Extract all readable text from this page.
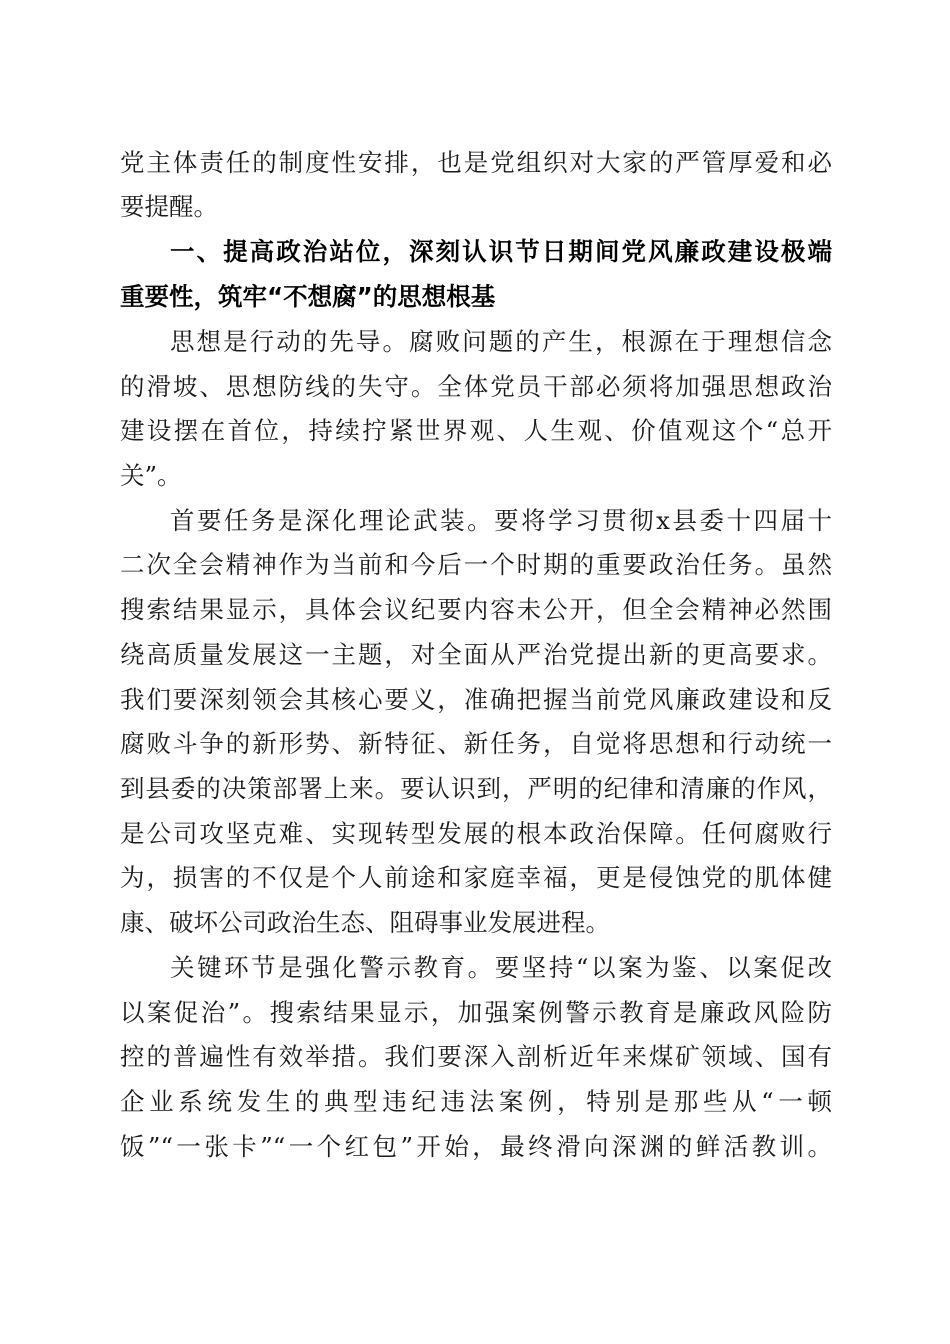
党主体责任的制度性安排，也是党组织对大家的严管厚爱和必
要提醒。
一、提高政治站位，深刻认识节日期间党风廉政建设极端
重要性，筑牢“不想腐”的思想根基
思想是行动的先导。腐败问题的产生，根源在于理想信念
的滑坡、思想防线的失守。全体党员干部必须将加强思想政治
建设摆在首位，持续拧紧世界观、人生观、价值观这个“总开
关”。
首要任务是深化理论武装。要将学习贯彻x县委十四届十
二次全会精神作为当前和今后一个时期的重要政治任务。虽然
搜索结果显示，具体会议纪要内容未公开，但全会精神必然围
绕高质量发展这一主题，对全面从严治党提出新的更高要求。
我们要深刻领会其核心要义，准确把握当前党风廉政建设和反
腐败斗争的新形势、新特征、新任务，自觉将思想和行动统一
到县委的决策部署上来。要认识到，严明的纪律和清廉的作风，
是公司攻坚克难、实现转型发展的根本政治保障。任何腐败行
为，损害的不仅是个人前途和家庭幸福，更是侵蚀党的肌体健
康、破坏公司政治生态、阻碍事业发展进程。
关键环节是强化警示教育。要坚持“以案为鉴、以案促改
以案促治”。搜索结果显示，加强案例警示教育是廉政风险防
控的普遍性有效举措。我们要深入剖析近年来煤矿领域、国有
企业系统发生的典型违纪违法案例，特别是那些从“一顿
饭”“一张卡”“一个红包”开始，最终滑向深渊的鲜活教训。
